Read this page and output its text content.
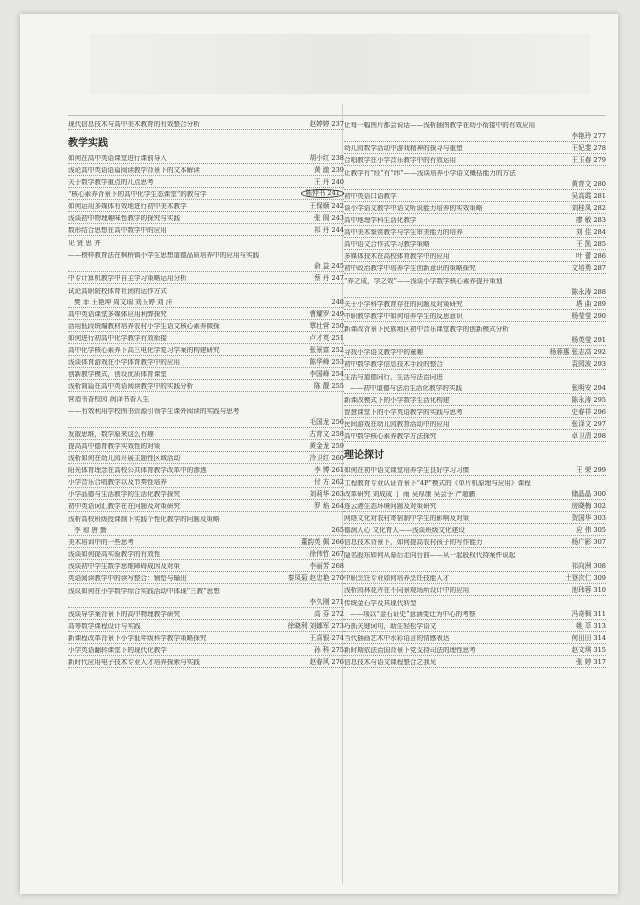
现代信息技术与高中美术教育的有效整合分析	赵婷婷 237
教学实践
如何在高中英语课堂进行课前导入	胡小红 238
浅论高中英语语篇阅读教学背景下的文本解读	黄 澈 239
关于数学教学重点的几点思考	王 丹 240
“核心素养背景下的高中化学生态课堂”的教与学	陈仲书 241
如何运用多媒体有效地进行初中美术教学	王保顺 242
浅谈初中物理趣味性教学的探究与实践	张 阁 243
数形结合思想在高中数学中的应用	祁 丹 244
见 贤 思 齐
——榜样教育法在枫桥镇小学生思想道德品质培养中的应用与实践
俞 益 245
中专计算机教学中自主学习策略运用分析	蔡 丹 247
试论高职院校体育社团的运作方式
樊 菲 王艳坤 周文瑞 刘玉婷 刘 洋	248
高中英语课堂多媒体应用利弊探究	曹耀罗 249
活用低段统编教材培养农村小学生语文核心素养微探	覃壮营 250
如何进行初高中化学教学有效衔接	卢才英 251
高中化学核心素养下高三电化学复习学案的构建研究	张景富 252
浅谈体育游戏在小学体育教学中的应用	陈华峰 253
创新教学模式，创设优质体育课堂	李国峰 254
浅析简篇在高中英语阅读教学中的实践分析	陈 靓 255
营造书香校园 润泽书香人生
——有效利用学校图书资源引领学生课外阅读的实践与思考
毛国龙 256
发散思维，数学原来这么有趣	古育文 258
提高高中德育教学实效性的对策	黄金龙 259
浅析如何在幼儿园开展主题性区域活动	冷卫红 260
阳光体育理念在高校公共体育教学改革中的渗透	李 博 261
小学音乐合唱教学以及节奏性培养	付 方 262
小学品德与生活教学的生活化教学探究	刘莉华 263
初中英语词汇教学在在问题及对策研究	罗 焰 264
浅析高校班级授课制下实践个性化教学的问题及策略
李 琼 唐 勤	265
美术培训中的一些思考	董韵英 佩 266
浅谈如何提高实验教学的有效性	徐伟哲 267
浅谈初中学生数学思维障碍成因及对策	李丽芳 268
英语阅读教学中的读写整合：铺垫与输出	秦凤菊 赵忠艳 270
浅议如何在小学数学综合实践活动中体现“三教”思想
李久刚 271
浅谈导学案背景下的高中物理教学研究	高 芬 272
高等数学课程设计与实践	徐晓利 刘娜军 273
新课程改革背景下小学低年级科学教学策略探究	王喜银 274
小学英语翻转课堂下的现代化教学	孙 科 275
新时代应用电子技术专业人才培养探索与实践	赵春风 276
让每一幅图片都会说话——浅析插图教学在幼小衔接中的有效应用
李艳玲 277
幼儿园数学活动中游戏精神的探寻与重塑	王妃斐 278
合唱教学在小学音乐教学中的有效运用	王玉春 279
让教学有“经”有“纬”——浅谈培养小学语文概括能力的方法
黄育文 280
初中英语口语教学	吴高霞 281
谈小学语文教学中语文听说能力培养的实效策略	刘桂凤 282
高中地理学科生活化教学	廖 敏 283
高中美术鉴赏教学与学生审美能力的培养	刘 佳 284
高中语文合作式学习教学策略	王 凯 285
多媒体技术在高校体育教学中的应用	叶 蕾 286
初中政治教学中培养学生创新意识的策略探究	文培勇 287
“养之成，学之效”——浅谈小学数学核心素养提升策划
陈永涛 288
关于小学科学教育存在的问题及对策研究	塔 曲 289
中职教学教学中如何培养学生的反思意识	杨莹莹 290
新课改背景下民族地区初中音乐课堂教学的创新模式分析
杨英莹 291
寻找小学语文教学中的童趣	杨蓉惠 张志高 292
初中数学教学信息技术手段的整合	袁园波 293
生活与道德同行，生活与法治同进
——初中道德与法治生活化教学的实践	张明安 294
新课改模式下的小学数学生活化构建	陈永涛 295
智慧课堂下的小学英语教学的实践与思考	史春祥 296
民间游戏在幼儿园教育活动中的应用	张泽文 297
高中数学核心素养教学方法探究	卓卫清 298
理论探讨
如何在初中语文课堂培养学生良好学习习惯	王 荣 299
工程教育专业认证背景下“4P”模式的《单片机原理与应用》课程
改革研究 刘成成 丁 雨 吴厚康 吴会予 严超鹏	储晶晶 300
连云港生态环境问题及对策研究	房晓梅 302
网络文化对农村寄宿制中学生的影响及对策	贺国华 303
德润人心 文化育人——浅谈班级文化建设	应 伟 305
信息技术背景下，如何提高农村孩子的写作能力	杨广影 307
隐名股东如何从幕后走向台前——从一起股权代持案件说起
祁向洲 308
中职烹饪专业如何培养烹饪技能人才	土登次仁 309
浅析园林花卉在不同景观场所设计中的应用	池玮蓉 310
传统金石学及其现代转型
——项以“金石证史”意涵变迁为中心的考察	冯奇枫 311
巧抓关键词句，助生轻松学语文	姚 萃 313
当代插画艺术中水彩语言的情感表达	何田田 314
新时期依法治国背景下党支持司法的理性思考	赵文琪 315
信息技术与语文课程整合之我见	张 婷 317
